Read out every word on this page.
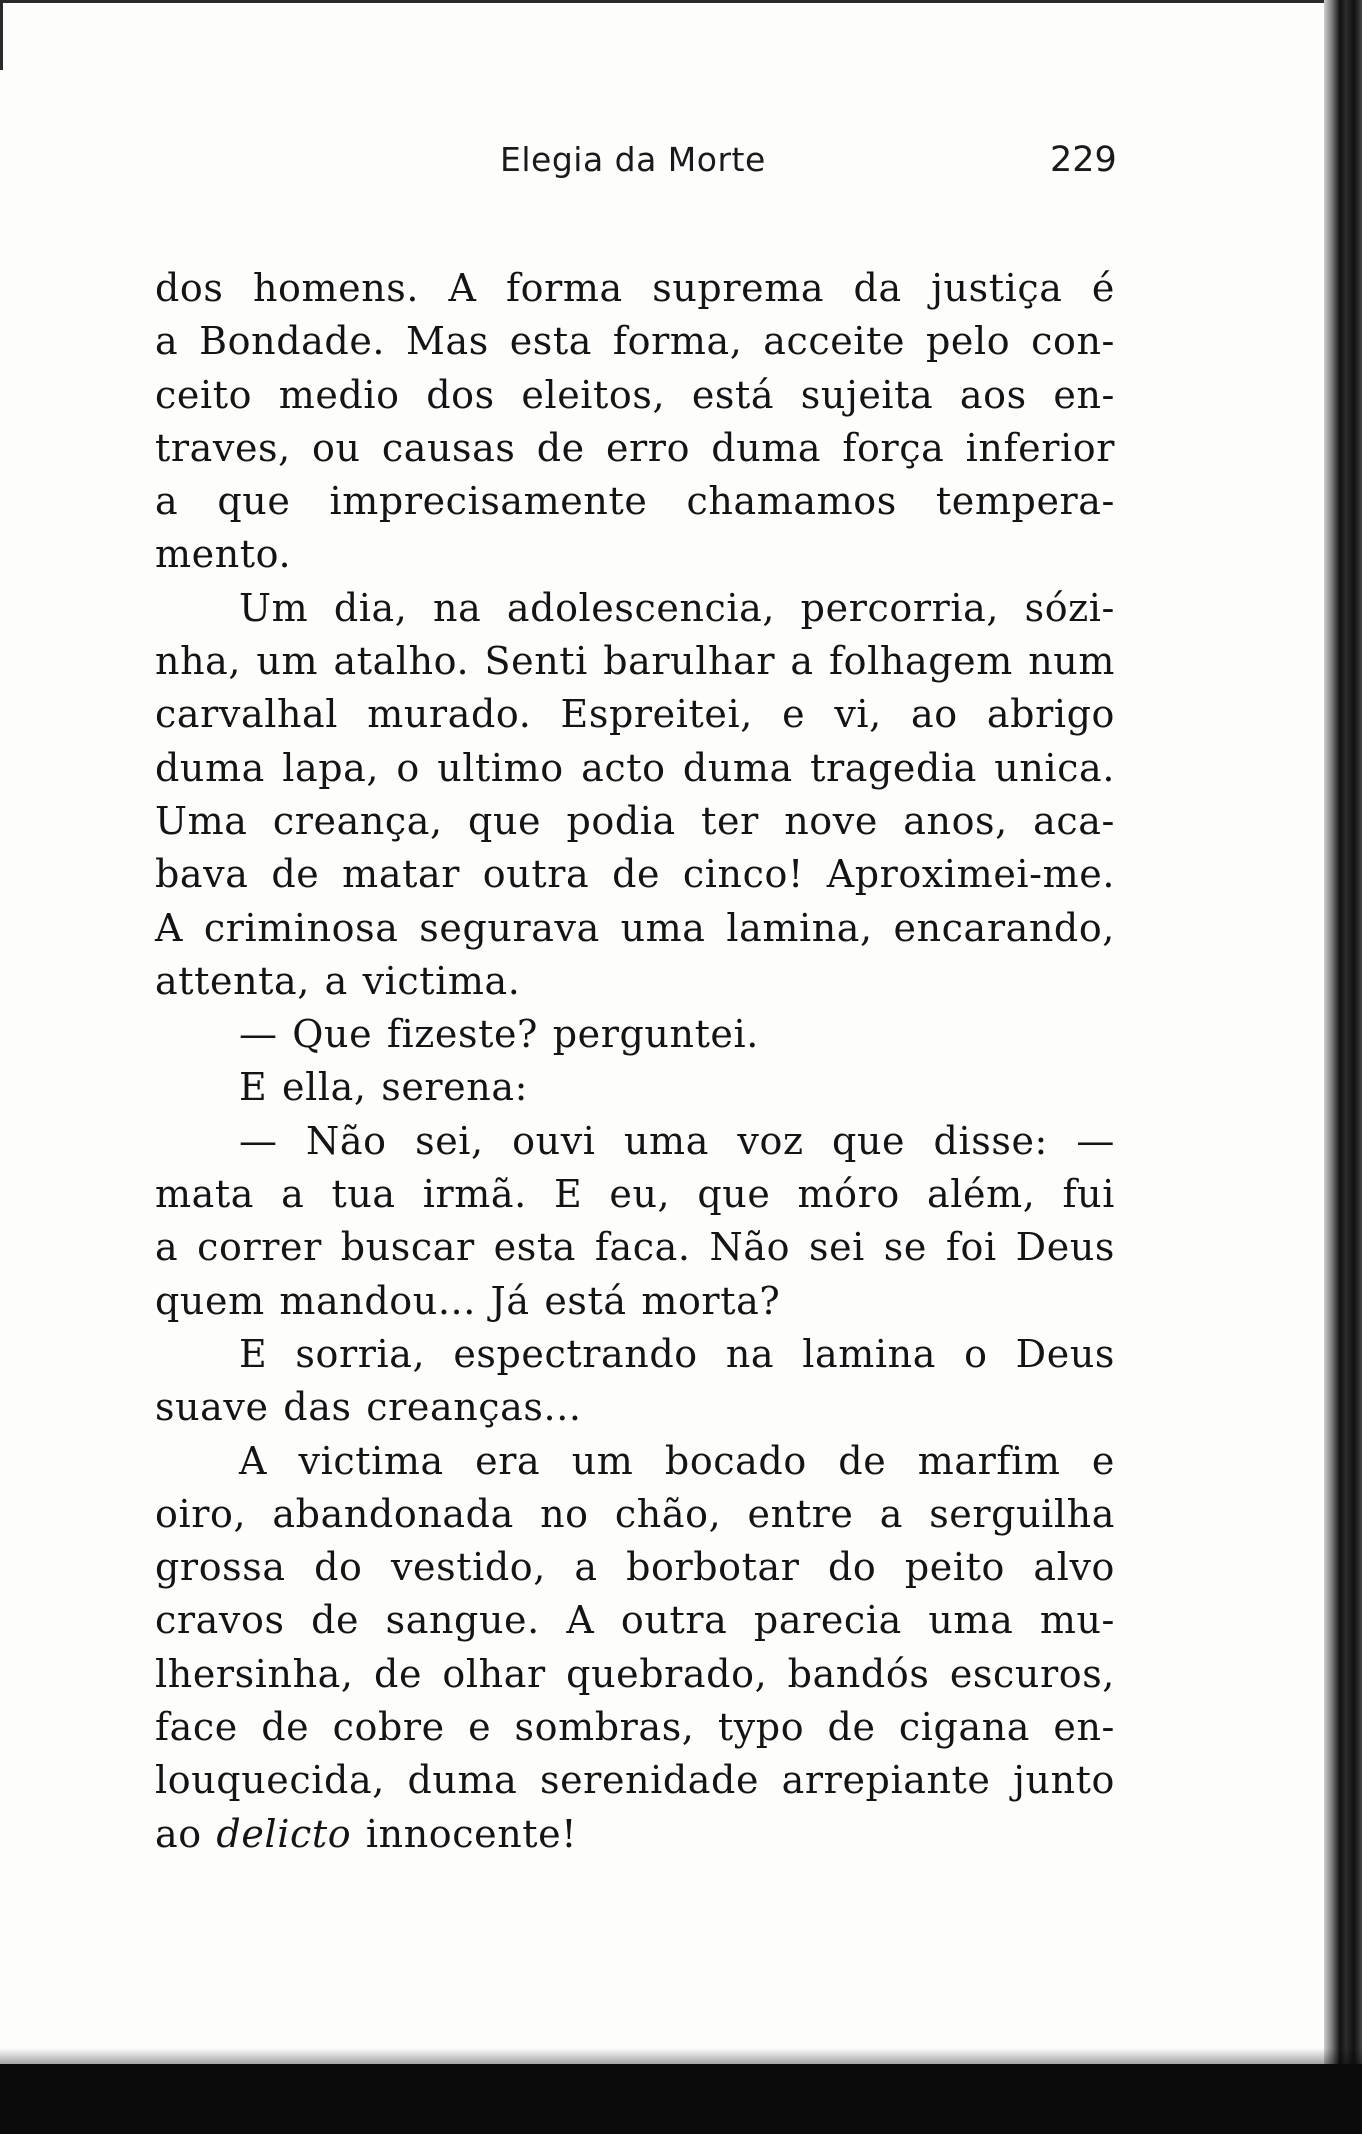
Elegia da Morte	229

dos homens. A forma suprema da justiça é

a Bondade. Mas esta forma, acceite pelo con-

ceito medio dos eleitos, está sujeita aos en-

traves, ou causas de erro duma força inferior

a que imprecisamente chamamos tempera-

mento.

Um dia, na adolescencia, percorria, sózi-

nha, um atalho. Senti barulhar a folhagem num

carvalhal murado. Espreitei, e vi, ao abrigo

duma lapa, o ultimo acto duma tragedia unica.

Uma creança, que podia ter nove anos, aca-

bava de matar outra de cinco! Aproximei-me.

A criminosa segurava uma lamina, encarando,

attenta, a victima.

— Que fizeste? perguntei.

E ella, serena:

— Não sei, ouvi uma voz que disse: —

mata a tua irmã. E eu, que móro além, fui

a correr buscar esta faca. Não sei se foi Deus

quem mandou... Já está morta?

E sorria, espectrando na lamina o Deus

suave das creanças...

A victima era um bocado de marfim e

oiro, abandonada no chão, entre a serguilha

grossa do vestido, a borbotar do peito alvo

cravos de sangue. A outra parecia uma mu-

lhersinha, de olhar quebrado, bandós escuros,

face de cobre e sombras, typo de cigana en-

louquecida, duma serenidade arrepiante junto

ao delicto innocente!
